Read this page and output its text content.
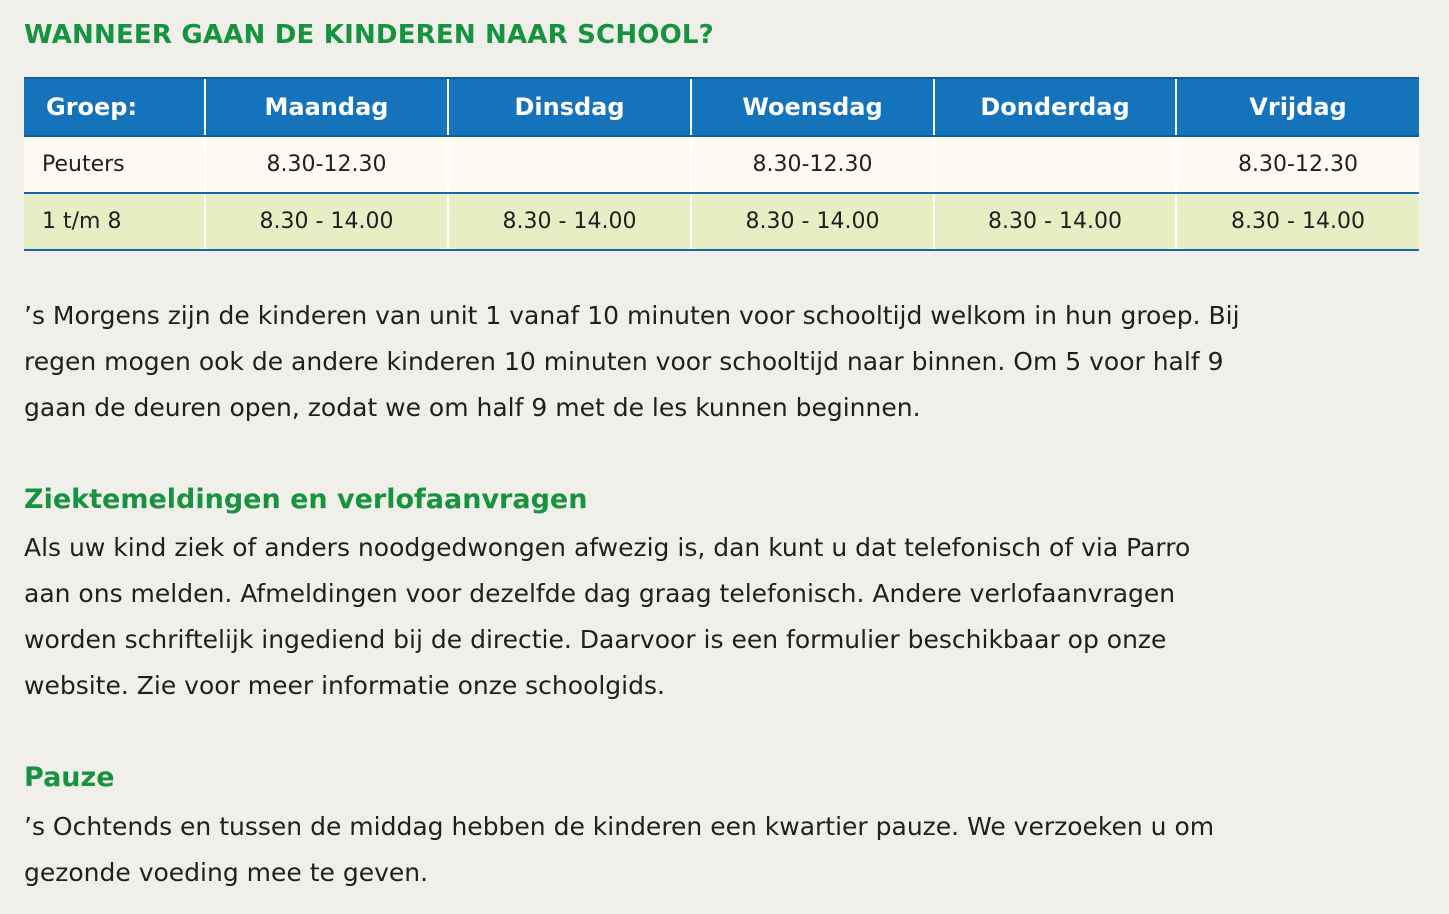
WANNEER GAAN DE KINDEREN NAAR SCHOOL?
Groep:	Maandag	Dinsdag	Woensdag	Donderdag	Vrijdag
Peuters	8.30-12.30		8.30-12.30		8.30-12.30
1 t/m 8	8.30 - 14.00	8.30 - 14.00	8.30 - 14.00	8.30 - 14.00	8.30 - 14.00

’s Morgens zijn de kinderen van unit 1 vanaf 10 minuten voor schooltijd welkom in hun groep. Bij
regen mogen ook de andere kinderen 10 minuten voor schooltijd naar binnen. Om 5 voor half 9
gaan de deuren open, zodat we om half 9 met de les kunnen beginnen.

Ziektemeldingen en verlofaanvragen

Als uw kind ziek of anders noodgedwongen afwezig is, dan kunt u dat telefonisch of via Parro
aan ons melden. Afmeldingen voor dezelfde dag graag telefonisch. Andere verlofaanvragen
worden schriftelijk ingediend bij de directie. Daarvoor is een formulier beschikbaar op onze
website. Zie voor meer informatie onze schoolgids.

Pauze

’s Ochtends en tussen de middag hebben de kinderen een kwartier pauze. We verzoeken u om
gezonde voeding mee te geven.
